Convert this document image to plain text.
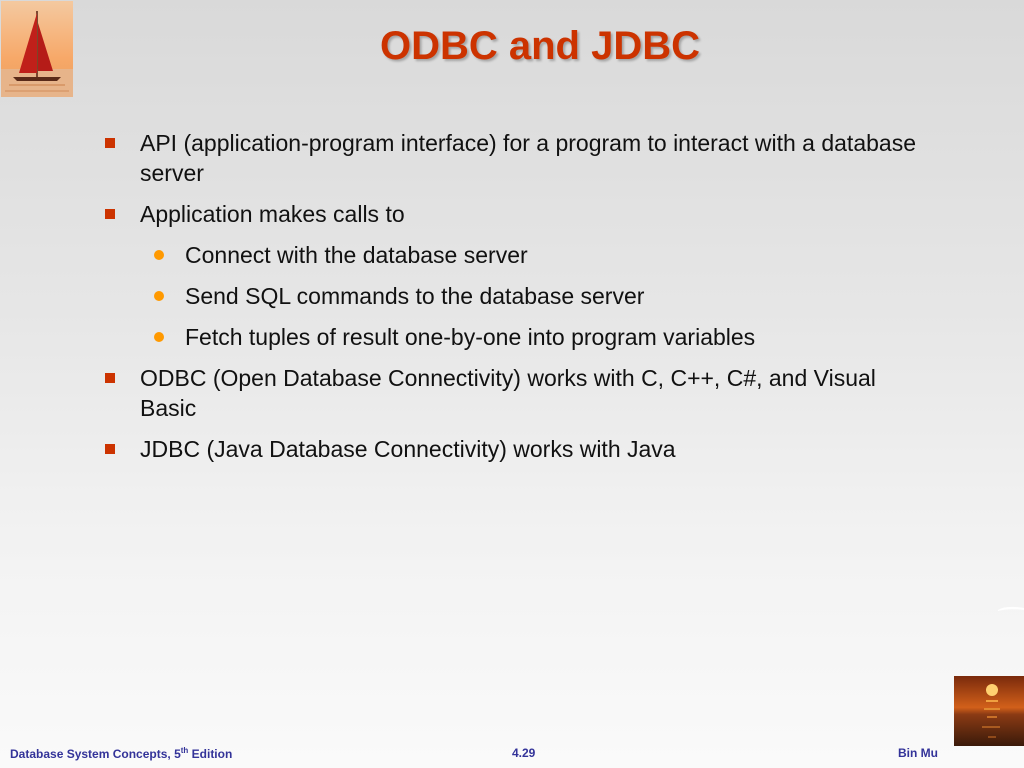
ODBC and JDBC
API (application-program interface) for a program to interact with a database server
Application makes calls to
Connect with the database server
Send SQL commands to the database server
Fetch tuples of result one-by-one into program variables
ODBC (Open Database Connectivity) works with C, C++, C#, and Visual Basic
JDBC (Java Database Connectivity) works with Java
Database System Concepts, 5th Edition	4.29	Bin Mu
